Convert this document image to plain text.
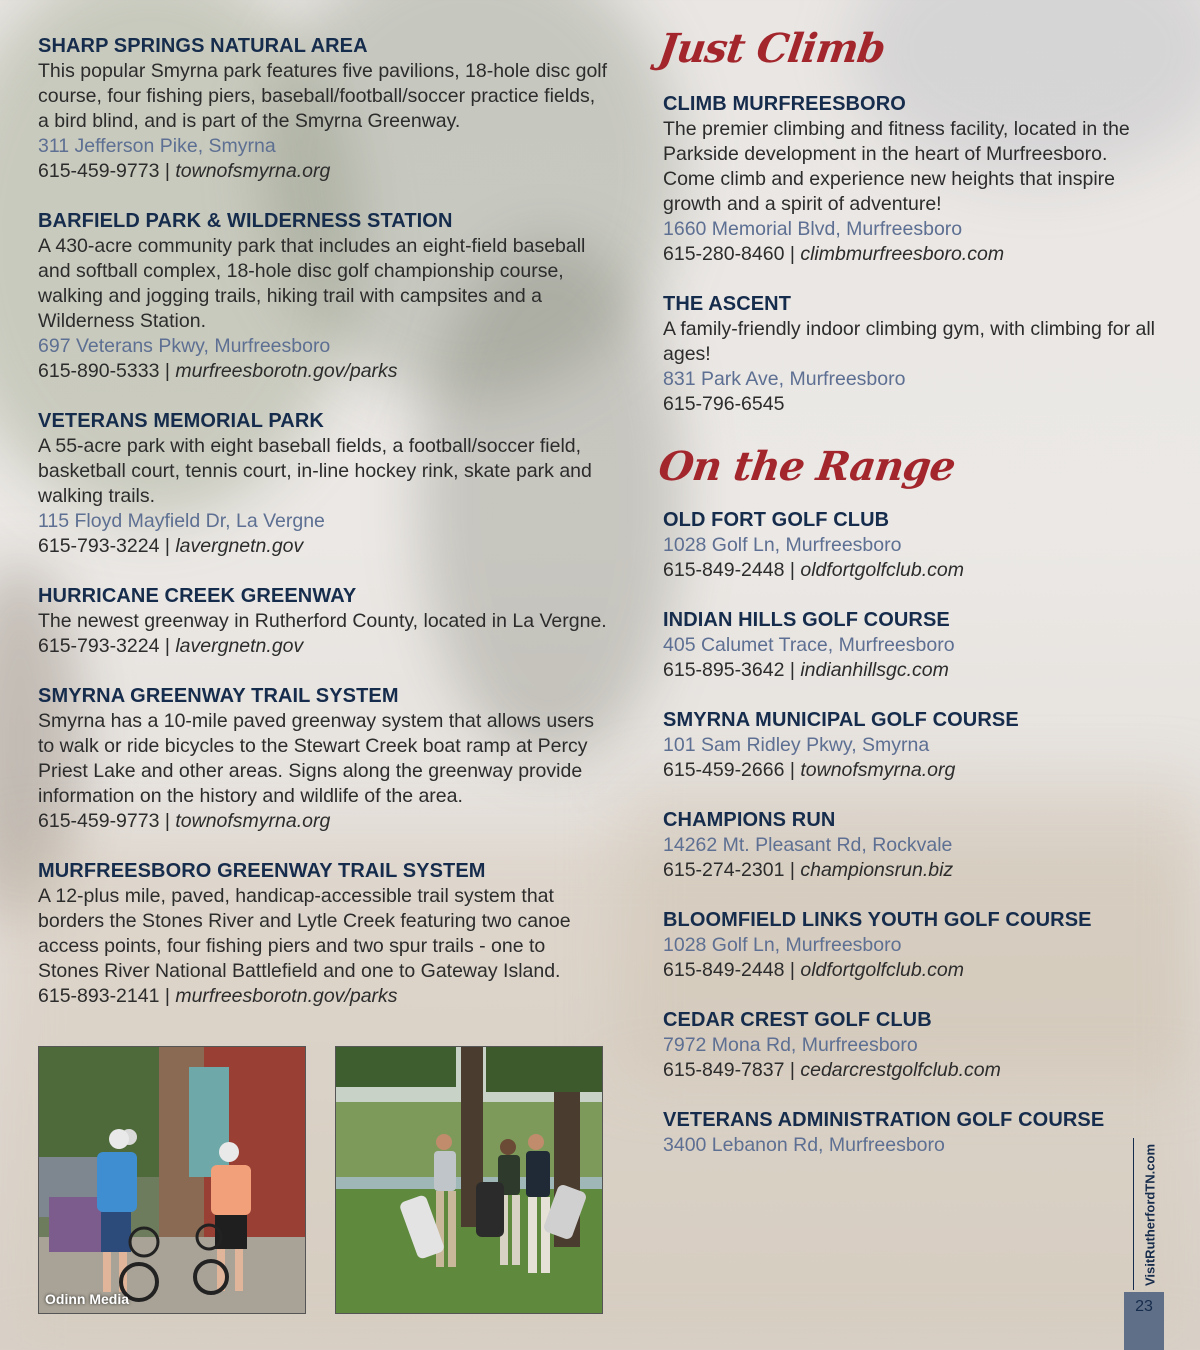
SHARP SPRINGS NATURAL AREA

This popular Smyrna park features five pavilions, 18-hole disc golf course, four fishing piers, baseball/football/soccer practice fields, a bird blind, and is part of the Smyrna Greenway.

311 Jefferson Pike, Smyrna
615-459-9773 | townofsmyrna.org
BARFIELD PARK & WILDERNESS STATION

A 430-acre community park that includes an eight-field baseball and softball complex, 18-hole disc golf championship course, walking and jogging trails, hiking trail with campsites and a Wilderness Station.

697 Veterans Pkwy, Murfreesboro
615-890-5333 | murfreesborotn.gov/parks
VETERANS MEMORIAL PARK

A 55-acre park with eight baseball fields, a football/soccer field, basketball court, tennis court, in-line hockey rink, skate park and walking trails.

115 Floyd Mayfield Dr, La Vergne
615-793-3224 | lavergnetn.gov
HURRICANE CREEK GREENWAY

The newest greenway in Rutherford County, located in La Vergne.

615-793-3224 | lavergnetn.gov
SMYRNA GREENWAY TRAIL SYSTEM

Smyrna has a 10-mile paved greenway system that allows users to walk or ride bicycles to the Stewart Creek boat ramp at Percy Priest Lake and other areas. Signs along the greenway provide information on the history and wildlife of the area.

615-459-9773 | townofsmyrna.org
MURFREESBORO GREENWAY TRAIL SYSTEM

A 12-plus mile, paved, handicap-accessible trail system that borders the Stones River and Lytle Creek featuring two canoe access points, four fishing piers and two spur trails - one to Stones River National Battlefield and one to Gateway Island.

615-893-2141 | murfreesborotn.gov/parks
Just Climb
CLIMB MURFREESBORO

The premier climbing and fitness facility, located in the Parkside development in the heart of Murfreesboro. Come climb and experience new heights that inspire growth and a spirit of adventure!

1660 Memorial Blvd, Murfreesboro
615-280-8460 | climbmurfreesboro.com
THE ASCENT

A family-friendly indoor climbing gym, with climbing for all ages!

831 Park Ave, Murfreesboro
615-796-6545
On the Range
OLD FORT GOLF CLUB
1028 Golf Ln, Murfreesboro
615-849-2448 | oldfortgolfclub.com
INDIAN HILLS GOLF COURSE
405 Calumet Trace, Murfreesboro
615-895-3642 | indianhillsgc.com
SMYRNA MUNICIPAL GOLF COURSE
101 Sam Ridley Pkwy, Smyrna
615-459-2666 | townofsmyrna.org
CHAMPIONS RUN
14262 Mt. Pleasant Rd, Rockvale
615-274-2301 | championsrun.biz
BLOOMFIELD LINKS YOUTH GOLF COURSE
1028 Golf Ln, Murfreesboro
615-849-2448 | oldfortgolfclub.com
CEDAR CREST GOLF CLUB
7972 Mona Rd, Murfreesboro
615-849-7837 | cedarcrestgolfclub.com
VETERANS ADMINISTRATION GOLF COURSE
3400 Lebanon Rd, Murfreesboro
Odinn Media
VisitRutherfordTN.com
23
